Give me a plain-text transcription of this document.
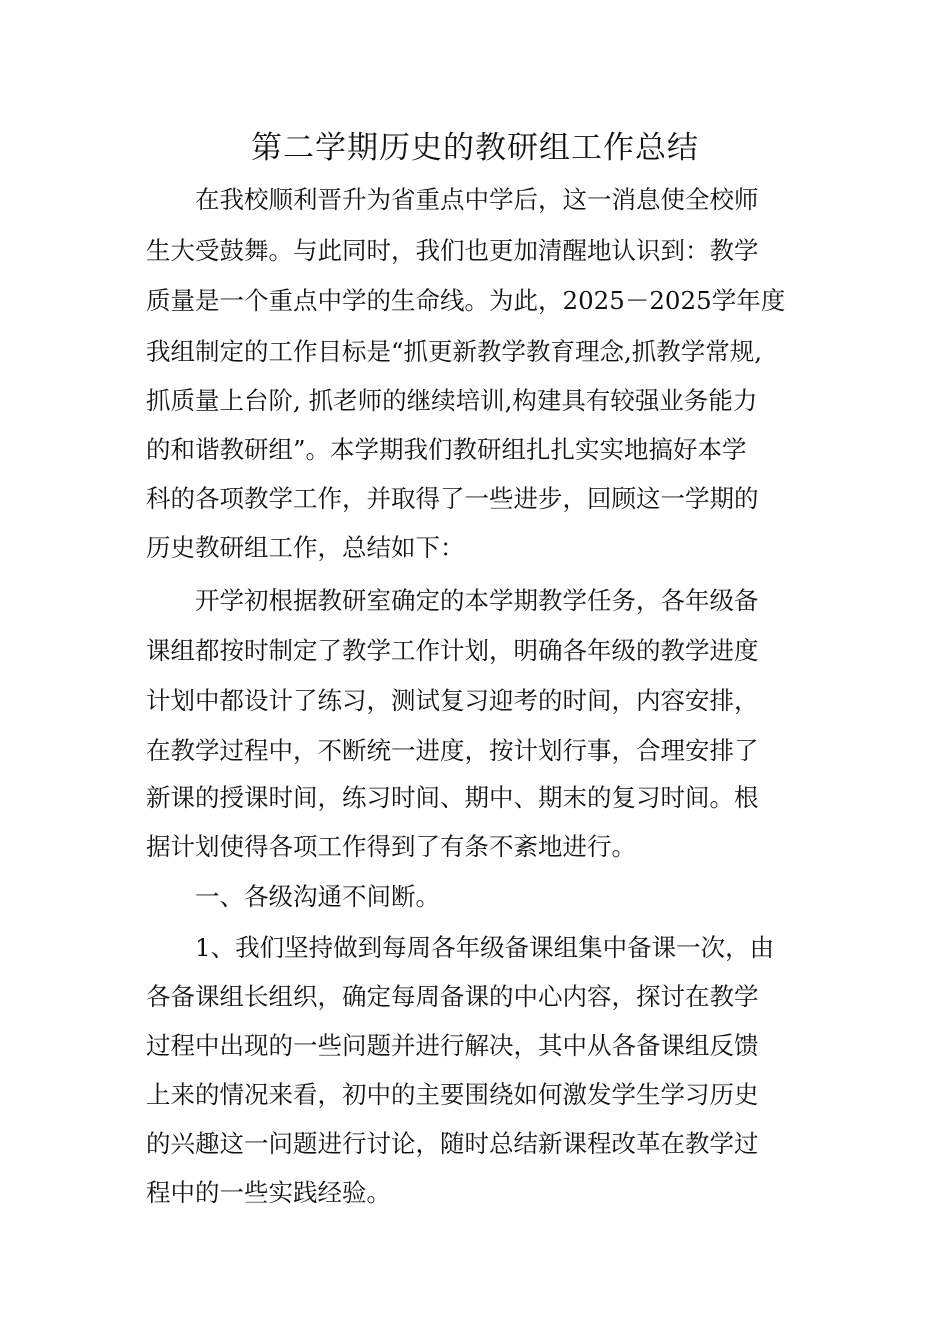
第二学期历史的教研组工作总结

　　在我校顺利晋升为省重点中学后，这一消息使全校师

生大受鼓舞。与此同时，我们也更加清醒地认识到：教学

质量是一个重点中学的生命线。为此，2025－2025学年度

我组制定的工作目标是“抓更新教学教育理念,抓教学常规,

抓质量上台阶, 抓老师的继续培训,构建具有较强业务能力

的和谐教研组”。本学期我们教研组扎扎实实地搞好本学

科的各项教学工作，并取得了一些进步，回顾这一学期的

历史教研组工作，总结如下：

　　开学初根据教研室确定的本学期教学任务，各年级备

课组都按时制定了教学工作计划，明确各年级的教学进度

计划中都设计了练习，测试复习迎考的时间，内容安排，

在教学过程中，不断统一进度，按计划行事，合理安排了

新课的授课时间，练习时间、期中、期末的复习时间。根

据计划使得各项工作得到了有条不紊地进行。

　　一、各级沟通不间断。

　　1、我们坚持做到每周各年级备课组集中备课一次，由

各备课组长组织，确定每周备课的中心内容，探讨在教学

过程中出现的一些问题并进行解决，其中从各备课组反馈

上来的情况来看，初中的主要围绕如何激发学生学习历史

的兴趣这一问题进行讨论，随时总结新课程改革在教学过

程中的一些实践经验。
